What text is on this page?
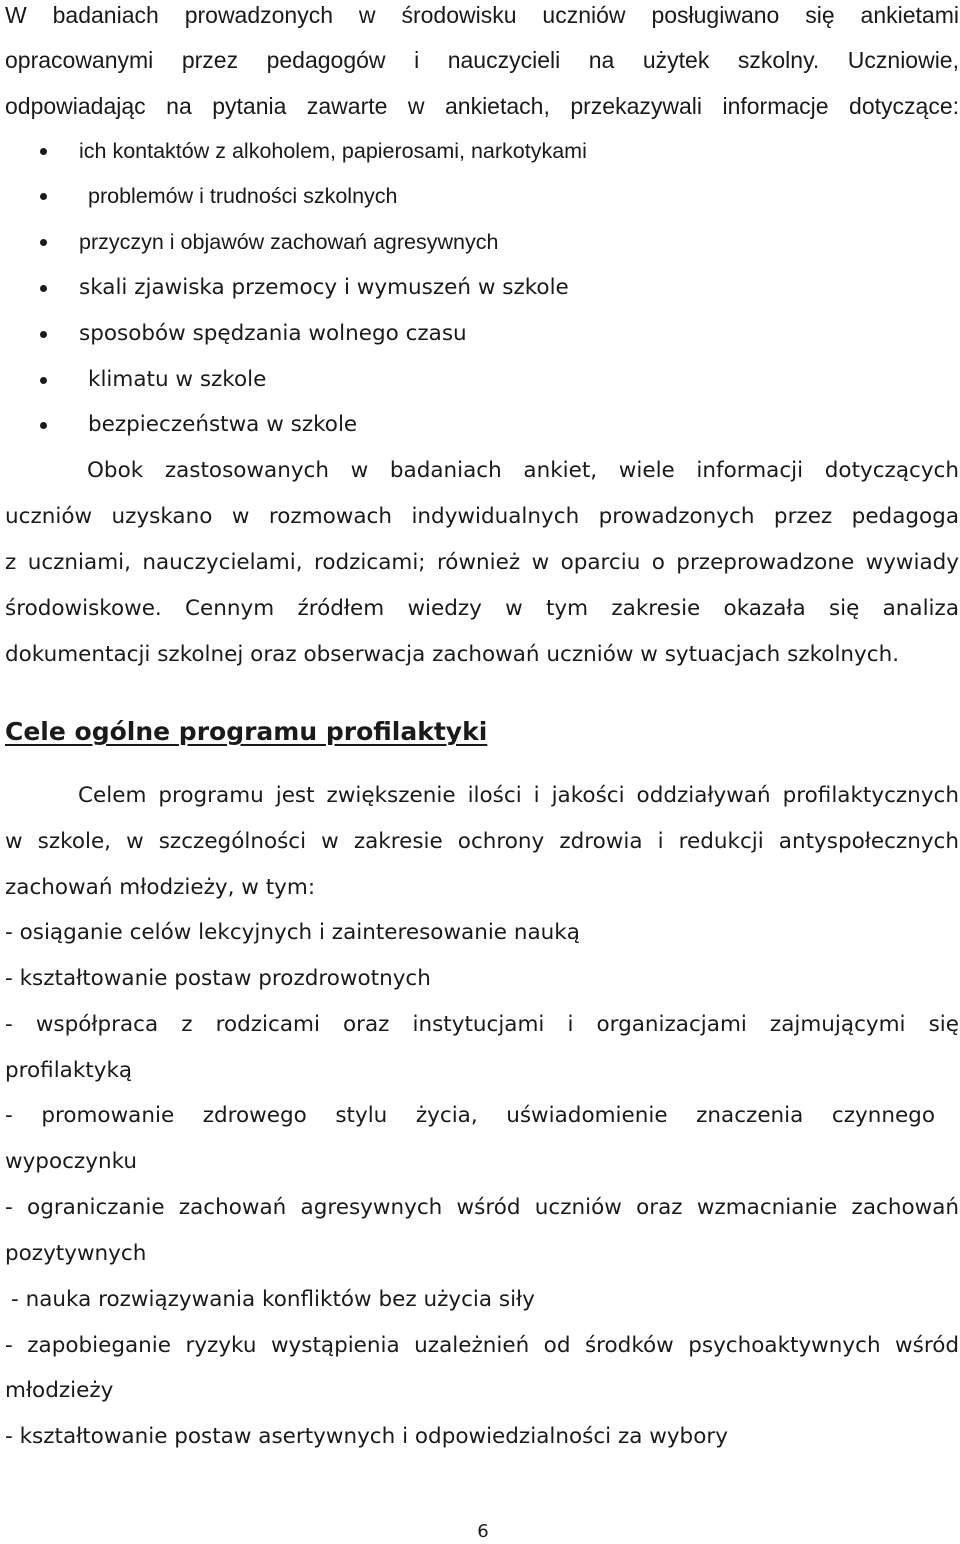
W badaniach prowadzonych w środowisku uczniów posługiwano się ankietami
opracowanymi przez pedagogów i nauczycieli na użytek szkolny. Uczniowie,
odpowiadając na pytania zawarte w ankietach, przekazywali informacje dotyczące:
ich kontaktów z alkoholem, papierosami, narkotykami
problemów i trudności szkolnych
przyczyn i objawów zachowań agresywnych
skali zjawiska przemocy i wymuszeń w szkole
sposobów spędzania wolnego czasu
klimatu w szkole
bezpieczeństwa w szkole
Obok zastosowanych w badaniach ankiet, wiele informacji dotyczących
uczniów uzyskano w rozmowach indywidualnych prowadzonych przez pedagoga
z uczniami, nauczycielami, rodzicami; również w oparciu o przeprowadzone wywiady
środowiskowe. Cennym źródłem wiedzy w tym zakresie okazała się analiza
dokumentacji szkolnej oraz obserwacja zachowań uczniów w sytuacjach szkolnych.
Cele ogólne programu profilaktyki
Celem programu jest zwiększenie ilości i jakości oddziaływań profilaktycznych
w szkole, w szczególności w zakresie ochrony zdrowia i redukcji antyspołecznych
zachowań młodzieży, w tym:
- osiąganie celów lekcyjnych i zainteresowanie nauką
- kształtowanie postaw prozdrowotnych
- współpraca z rodzicami oraz instytucjami i organizacjami zajmującymi się
profilaktyką
- promowanie zdrowego stylu życia, uświadomienie znaczenia czynnego
wypoczynku
- ograniczanie zachowań agresywnych wśród uczniów oraz wzmacnianie zachowań
pozytywnych
- nauka rozwiązywania konfliktów bez użycia siły
- zapobieganie ryzyku wystąpienia uzależnień od środków psychoaktywnych wśród
młodzieży
- kształtowanie postaw asertywnych i odpowiedzialności za wybory
6
